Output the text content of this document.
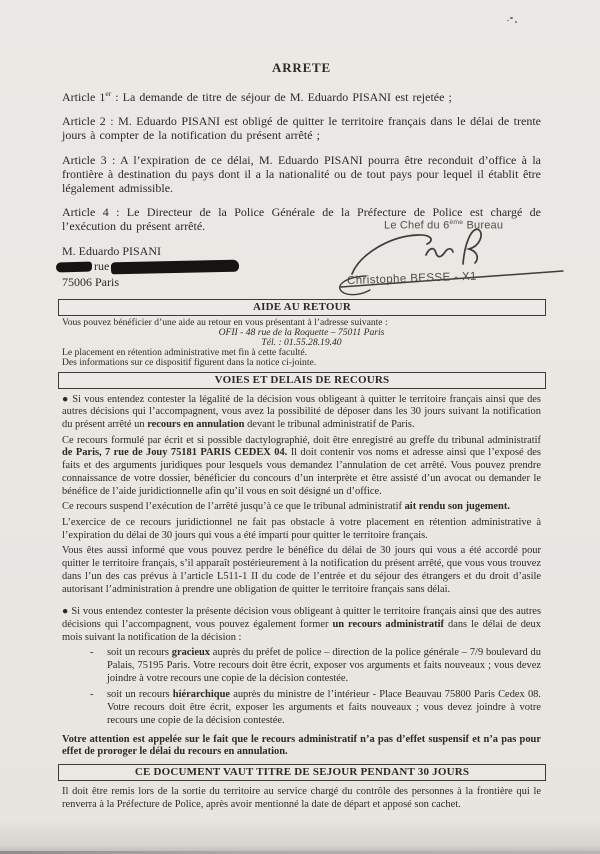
ARRETE

Article 1er : La demande de titre de séjour de M. Eduardo PISANI est rejetée ;

Article 2 : M. Eduardo PISANI est obligé de quitter le territoire français dans le délai de trente jours à compter de la notification du présent arrêté ;

Article 3 : A l’expiration de ce délai, M. Eduardo PISANI pourra être reconduit d’office à la frontière à destination du pays dont il a la nationalité ou de tout pays pour lequel il établit être légalement admissible.

Article 4 : Le Directeur de la Police Générale de la Préfecture de Police est chargé de l’exécution du présent arrêté.

M. Eduardo PISANI
rue
75006 Paris
AIDE AU RETOUR
Vous pouvez bénéficier d’une aide au retour en vous présentant à l’adresse suivante :
OFII - 48 rue de la Roquette – 75011 Paris
Tél. : 01.55.28.19.40
Le placement en rétention administrative met fin à cette faculté.
Des informations sur ce dispositif figurent dans la notice ci-jointe.
VOIES ET DELAIS DE RECOURS

● Si vous entendez contester la légalité de la décision vous obligeant à quitter le territoire français ainsi que des autres décisions qui l’accompagnent, vous avez la possibilité de déposer dans les 30 jours suivant la notification du présent arrêté un recours en annulation devant le tribunal administratif de Paris.

Ce recours formulé par écrit et si possible dactylographié, doit être enregistré au greffe du tribunal administratif de Paris, 7 rue de Jouy 75181 PARIS CEDEX 04. Il doit contenir vos noms et adresse ainsi que l’exposé des faits et des arguments juridiques pour lesquels vous demandez l’annulation de cet arrêté. Vous pouvez prendre connaissance de votre dossier, bénéficier du concours d’un interprète et être assisté d’un avocat ou demander le bénéfice de l’aide juridictionnelle afin qu’il vous en soit désigné un d’office.

Ce recours suspend l’exécution de l’arrêté jusqu’à ce que le tribunal administratif ait rendu son jugement.

L’exercice de ce recours juridictionnel ne fait pas obstacle à votre placement en rétention administrative à l’expiration du délai de 30 jours qui vous a été imparti pour quitter le territoire français.

Vous êtes aussi informé que vous pouvez perdre le bénéfice du délai de 30 jours qui vous a été accordé pour quitter le territoire français, s’il apparaît postérieurement à la notification du présent arrêté, que vous vous trouvez dans l’un des cas prévus à l’article L511-1 II du code de l’entrée et du séjour des étrangers et du droit d’asile autorisant l’administration à prendre une obligation de quitter le territoire français sans délai.

● Si vous entendez contester la présente décision vous obligeant à quitter le territoire français ainsi que des autres décisions qui l’accompagnent, vous pouvez également former un recours administratif dans le délai de deux mois suivant la notification de la décision :

-	soit un recours gracieux auprès du préfet de police – direction de la police générale – 7/9 boulevard du Palais, 75195 Paris. Votre recours doit être écrit, exposer vos arguments et faits nouveaux ; vous devez joindre à votre recours une copie de la décision contestée.

-	soit un recours hiérarchique auprès du ministre de l’intérieur - Place Beauvau 75800 Paris Cedex 08. Votre recours doit être écrit, exposer les arguments et faits nouveaux ; vous devez joindre à votre recours une copie de la décision contestée.

Votre attention est appelée sur le fait que le recours administratif n’a pas d’effet suspensif et n’a pas pour effet de proroger le délai du recours en annulation.

CE DOCUMENT VAUT TITRE DE SEJOUR PENDANT 30 JOURS

Il doit être remis lors de la sortie du territoire au service chargé du contrôle des personnes à la frontière qui le renverra à la Préfecture de Police, après avoir mentionné la date de départ et apposé son cachet.

Le Chef du 6ème Bureau
Christophe BESSE - X1
